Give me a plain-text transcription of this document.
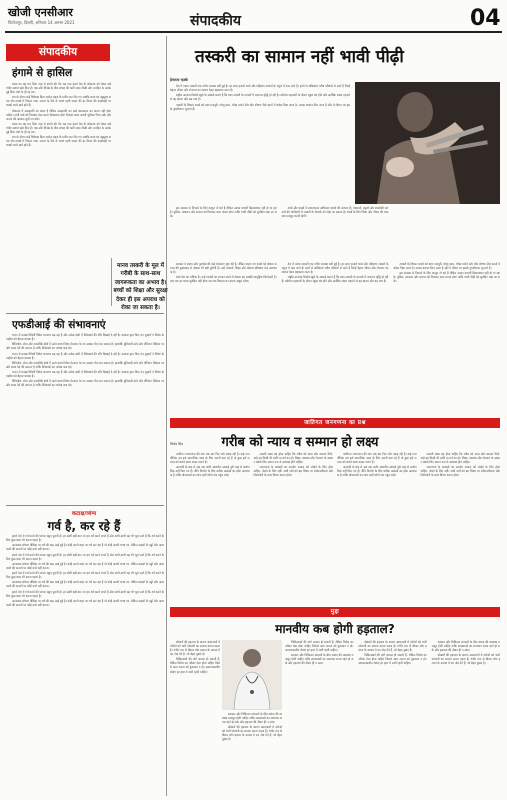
खोजी एनसीआर
फिरोजपुर, दिल्ली, शनिवार 14 अगस्त 2021	संपादकीय	04
संपादकीय
हंगामे से हासिल

संसद का यह सत्र जिस तरह से हंगामे की भेंट चढ़ गया उसने देश के लोकतंत्र को लेकर कई गंभीर सवाल खड़े किए हैं। पक्ष और विपक्ष के बीच संवाद की कमी साफ दिखी और जनहित के अनेक मुद्दे बिना चर्चा के ही रह गए।

सत्र के दौरान कई विधेयक बिना पर्याप्त बहस के पारित कर दिए गए जबकि सदन का बहुमूल्य समय शोर-शराबे में निकल गया। जनता के पैसे से चलने वाली संसद की हर मिनट की कार्यवाही पर लाखों रुपये खर्च होते हैं।

लोकतंत्र में असहमति का स्थान है लेकिन असहमति का अर्थ कामकाज ठप करना नहीं होना चाहिए। सभी दलों को मिलकर ऐसा रास्ता निकालना होगा जिससे संसद अपनी भूमिका निभा सके और जनता की आवाज सुनी जा सके।

संसद का यह सत्र जिस तरह से हंगामे की भेंट चढ़ गया उसने देश के लोकतंत्र को लेकर कई गंभीर सवाल खड़े किए हैं। पक्ष और विपक्ष के बीच संवाद की कमी साफ दिखी और जनहित के अनेक मुद्दे बिना चर्चा के ही रह गए।

सत्र के दौरान कई विधेयक बिना पर्याप्त बहस के पारित कर दिए गए जबकि सदन का बहुमूल्य समय शोर-शराबे में निकल गया। जनता के पैसे से चलने वाली संसद की हर मिनट की कार्यवाही पर लाखों रुपये खर्च होते हैं।

एफडीआई की संभावनाएं

भारत में प्रत्यक्ष विदेशी निवेश लगातार बढ़ रहा है और अनेक क्षेत्रों में निवेशकों की रुचि दिखाई दे रही है। सरकार द्वारा किए गए सुधारों ने निवेश के माहौल को बेहतर बनाया है।

विनिर्माण, सेवा और तकनीकी क्षेत्रों में आने वाला निवेश रोजगार के नए अवसर पैदा कर सकता है। हालांकि बुनियादी ढांचे और नीतिगत स्थिरता पर और ध्यान देने की जरूरत है ताकि निवेशकों का भरोसा बना रहे।

भारत में प्रत्यक्ष विदेशी निवेश लगातार बढ़ रहा है और अनेक क्षेत्रों में निवेशकों की रुचि दिखाई दे रही है। सरकार द्वारा किए गए सुधारों ने निवेश के माहौल को बेहतर बनाया है।

विनिर्माण, सेवा और तकनीकी क्षेत्रों में आने वाला निवेश रोजगार के नए अवसर पैदा कर सकता है। हालांकि बुनियादी ढांचे और नीतिगत स्थिरता पर और ध्यान देने की जरूरत है ताकि निवेशकों का भरोसा बना रहे।

भारत में प्रत्यक्ष विदेशी निवेश लगातार बढ़ रहा है और अनेक क्षेत्रों में निवेशकों की रुचि दिखाई दे रही है। सरकार द्वारा किए गए सुधारों ने निवेश के माहौल को बेहतर बनाया है।

विनिर्माण, सेवा और तकनीकी क्षेत्रों में आने वाला निवेश रोजगार के नए अवसर पैदा कर सकता है। हालांकि बुनियादी ढांचे और नीतिगत स्थिरता पर और ध्यान देने की जरूरत है ताकि निवेशकों का भरोसा बना रहे।

कटाक्ष/व्यंग्य
गर्व है, कर रहे हैं

हमारे देश में गर्व करने की परंपरा बहुत पुरानी है। हर छोटी बड़ी बात पर हम गर्व करने लगते हैं और कभी-कभी यह भी भूल जाते हैं कि गर्व करने के लिए कुछ काम भी करना पड़ता है।

आजकल सोशल मीडिया पर गर्व की बाढ़ आई हुई है। कोई अपने शहर पर गर्व कर रहा है तो कोई अपनी भाषा पर, लेकिन सड़कों के गड्ढों और अस्पतालों की कतारों पर कोई चर्चा नहीं करता।

हमारे देश में गर्व करने की परंपरा बहुत पुरानी है। हर छोटी बड़ी बात पर हम गर्व करने लगते हैं और कभी-कभी यह भी भूल जाते हैं कि गर्व करने के लिए कुछ काम भी करना पड़ता है।

आजकल सोशल मीडिया पर गर्व की बाढ़ आई हुई है। कोई अपने शहर पर गर्व कर रहा है तो कोई अपनी भाषा पर, लेकिन सड़कों के गड्ढों और अस्पतालों की कतारों पर कोई चर्चा नहीं करता।

हमारे देश में गर्व करने की परंपरा बहुत पुरानी है। हर छोटी बड़ी बात पर हम गर्व करने लगते हैं और कभी-कभी यह भी भूल जाते हैं कि गर्व करने के लिए कुछ काम भी करना पड़ता है।

आजकल सोशल मीडिया पर गर्व की बाढ़ आई हुई है। कोई अपने शहर पर गर्व कर रहा है तो कोई अपनी भाषा पर, लेकिन सड़कों के गड्ढों और अस्पतालों की कतारों पर कोई चर्चा नहीं करता।

हमारे देश में गर्व करने की परंपरा बहुत पुरानी है। हर छोटी बड़ी बात पर हम गर्व करने लगते हैं और कभी-कभी यह भी भूल जाते हैं कि गर्व करने के लिए कुछ काम भी करना पड़ता है।

आजकल सोशल मीडिया पर गर्व की बाढ़ आई हुई है। कोई अपने शहर पर गर्व कर रहा है तो कोई अपनी भाषा पर, लेकिन सड़कों के गड्ढों और अस्पतालों की कतारों पर कोई चर्चा नहीं करता।

तस्करी का सामान नहीं भावी पीढ़ी
हेमलता म्हस्के

देश में मानव तस्करी एक गंभीर समस्या बनी हुई है। हर साल हजारों बच्चे और महिलाएं तस्करों के चंगुल में फंस जाते हैं। इनमें से अधिकांश गरीब परिवारों से आते हैं जिन्हें बेहतर जीवन और रोजगार का लालच देकर बहकाया जाता है।

राष्ट्रीय अपराध रिकॉर्ड ब्यूरो के आंकड़े बताते हैं कि बाल तस्करी के मामलों में लगातार वृद्धि हो रही है। कोरोना महामारी के दौरान स्कूल बंद होने और आर्थिक संकट गहराने से यह खतरा और बढ़ गया है।

तस्करी के शिकार बच्चों को बाल मजदूरी, घरेलू काम, भीख मांगने और यौन शोषण जैसे कामों में धकेल दिया जाता है। उनका बचपन छिन जाता है और वे जीवन भर इसके दुष्परिणाम भुगतते हैं।

इस समस्या से निपटने के लिए कानून तो बने हैं लेकिन उनका प्रभावी क्रियान्वयन नहीं हो पा रहा है। पुलिस, प्रशासन और समाज को मिलकर काम करना होगा ताकि भावी पीढ़ी को सुरक्षित रखा जा सके।

गांवों और कस्बों में जागरूकता अभियान चलाने की जरूरत है। पंचायतों, स्कूलों और स्वयंसेवी संगठनों की भागीदारी से तस्करी के नेटवर्क को तोड़ा जा सकता है। बच्चों के लिए शिक्षा और पोषण की व्यवस्था मजबूत करनी होगी।

मानव तस्करी के मूल में गरीबी के साथ-साथ जागरूकता का अभाव है। बच्चों को शिक्षा और सुरक्षा देकर ही इस अपराध को रोका जा सकता है।

सरकार ने बचाव और पुनर्वास की कई योजनाएं शुरू की हैं, लेकिन बचाए गए बच्चों को दोबारा समाज की मुख्यधारा से जोड़ना भी बड़ी चुनौती है। उन्हें परामर्श, शिक्षा और कौशल प्रशिक्षण देना आवश्यक है।

बच्चे देश का भविष्य हैं। उन्हें तस्करी का सामान बनने से रोकना हम सबकी सामूहिक जिम्मेदारी है। जब तक हर बच्चा सुरक्षित नहीं होगा तब तक विकास का सपना अधूरा रहेगा।

देश में मानव तस्करी एक गंभीर समस्या बनी हुई है। हर साल हजारों बच्चे और महिलाएं तस्करों के चंगुल में फंस जाते हैं। इनमें से अधिकांश गरीब परिवारों से आते हैं जिन्हें बेहतर जीवन और रोजगार का लालच देकर बहकाया जाता है।

राष्ट्रीय अपराध रिकॉर्ड ब्यूरो के आंकड़े बताते हैं कि बाल तस्करी के मामलों में लगातार वृद्धि हो रही है। कोरोना महामारी के दौरान स्कूल बंद होने और आर्थिक संकट गहराने से यह खतरा और बढ़ गया है।

तस्करी के शिकार बच्चों को बाल मजदूरी, घरेलू काम, भीख मांगने और यौन शोषण जैसे कामों में धकेल दिया जाता है। उनका बचपन छिन जाता है और वे जीवन भर इसके दुष्परिणाम भुगतते हैं।

इस समस्या से निपटने के लिए कानून तो बने हैं लेकिन उनका प्रभावी क्रियान्वयन नहीं हो पा रहा है। पुलिस, प्रशासन और समाज को मिलकर काम करना होगा ताकि भावी पीढ़ी को सुरक्षित रखा जा सके।

जातिगत जनगणना का प्रश्न
विनोद सिंह	गरीब को न्याय व सम्मान हो लक्ष्य

जातिगत जनगणना की मांग एक बार फिर जोर पकड़ रही है। कई राजनीतिक दल इसे सामाजिक न्याय के लिए जरूरी बता रहे हैं तो कुछ इसे समाज को बांटने वाला कदम मानते हैं।

आजादी के बाद से अब तक जाति आधारित आंकड़े पूरी तरह से सार्वजनिक नहीं किए गए हैं। नीति निर्माण के लिए सटीक आंकड़ों का होना आवश्यक है ताकि योजनाओं का लाभ सही लोगों तक पहुंच सके।

असली लक्ष्य यह होना चाहिए कि गरीब को न्याय और सम्मान मिले, चाहे वह किसी भी जाति या वर्ग का हो। शिक्षा, स्वास्थ्य और रोजगार के अवसर सबके लिए समान रूप से उपलब्ध होने चाहिए।

जनगणना के आंकड़ों का उपयोग समाज को जोड़ने के लिए होना चाहिए, तोड़ने के लिए नहीं। सभी दलों को इस विषय पर संवेदनशीलता और जिम्मेदारी के साथ विचार करना होगा।

जातिगत जनगणना की मांग एक बार फिर जोर पकड़ रही है। कई राजनीतिक दल इसे सामाजिक न्याय के लिए जरूरी बता रहे हैं तो कुछ इसे समाज को बांटने वाला कदम मानते हैं।

आजादी के बाद से अब तक जाति आधारित आंकड़े पूरी तरह से सार्वजनिक नहीं किए गए हैं। नीति निर्माण के लिए सटीक आंकड़ों का होना आवश्यक है ताकि योजनाओं का लाभ सही लोगों तक पहुंच सके।

असली लक्ष्य यह होना चाहिए कि गरीब को न्याय और सम्मान मिले, चाहे वह किसी भी जाति या वर्ग का हो। शिक्षा, स्वास्थ्य और रोजगार के अवसर सबके लिए समान रूप से उपलब्ध होने चाहिए।

जनगणना के आंकड़ों का उपयोग समाज को जोड़ने के लिए होना चाहिए, तोड़ने के लिए नहीं। सभी दलों को इस विषय पर संवेदनशीलता और जिम्मेदारी के साथ विचार करना होगा।

मुद्दा
मानवीय कब होगी हड़ताल?

डॉक्टरों की हड़ताल के कारण अस्पतालों में मरीजों को भारी परेशानी का सामना करना पड़ता है। गंभीर रूप से बीमार लोग इलाज के अभाव में दम तोड़ देते हैं, जो बेहद दुखद है।

चिकित्सकों की मांगें जायज हो सकती हैं, लेकिन विरोध का तरीका ऐसा होना चाहिए जिससे आम जनता को नुकसान न हो। आपातकालीन सेवाएं हर हाल में जारी रहनी चाहिए।

सरकार और चिकित्सा संगठनों के बीच संवाद की व्यवस्था मजबूत होनी चाहिए ताकि समस्याओं का समाधान समय रहते हो सके और हड़ताल की नौबत ही न आए।

डॉक्टरों की हड़ताल के कारण अस्पतालों में मरीजों को भारी परेशानी का सामना करना पड़ता है। गंभीर रूप से बीमार लोग इलाज के अभाव में दम तोड़ देते हैं, जो बेहद दुखद है।

चिकित्सकों की मांगें जायज हो सकती हैं, लेकिन विरोध का तरीका ऐसा होना चाहिए जिससे आम जनता को नुकसान न हो। आपातकालीन सेवाएं हर हाल में जारी रहनी चाहिए।

सरकार और चिकित्सा संगठनों के बीच संवाद की व्यवस्था मजबूत होनी चाहिए ताकि समस्याओं का समाधान समय रहते हो सके और हड़ताल की नौबत ही न आए।

डॉक्टरों की हड़ताल के कारण अस्पतालों में मरीजों को भारी परेशानी का सामना करना पड़ता है। गंभीर रूप से बीमार लोग इलाज के अभाव में दम तोड़ देते हैं, जो बेहद दुखद है।

चिकित्सकों की मांगें जायज हो सकती हैं, लेकिन विरोध का तरीका ऐसा होना चाहिए जिससे आम जनता को नुकसान न हो। आपातकालीन सेवाएं हर हाल में जारी रहनी चाहिए।

सरकार और चिकित्सा संगठनों के बीच संवाद की व्यवस्था मजबूत होनी चाहिए ताकि समस्याओं का समाधान समय रहते हो सके और हड़ताल की नौबत ही न आए।

डॉक्टरों की हड़ताल के कारण अस्पतालों में मरीजों को भारी परेशानी का सामना करना पड़ता है। गंभीर रूप से बीमार लोग इलाज के अभाव में दम तोड़ देते हैं, जो बेहद दुखद है।
